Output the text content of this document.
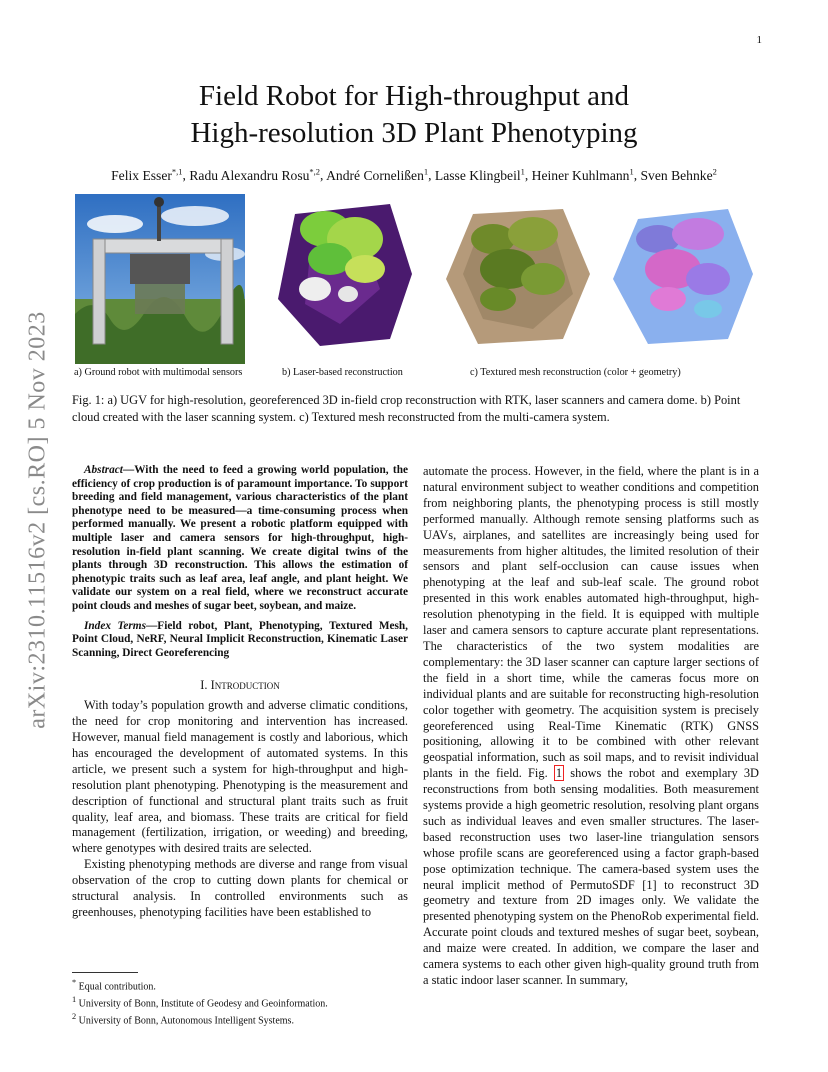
1
Field Robot for High-throughput and
High-resolution 3D Plant Phenotyping
Felix Esser$^{*,1}$, Radu Alexandru Rosu$^{*,2}$, André Cornelißen$^1$, Lasse Klingbeil$^1$, Heiner Kuhlmann$^1$, Sven Behnke$^2$
arXiv:2310.11516v2 [cs.RO] 5 Nov 2023 a) Ground robot with multimodal sensors	b) Laser-based reconstruction	c) Textured mesh reconstruction (color + geometry)
Fig. 1: a) UGV for high-resolution, georeferenced 3D in-field crop reconstruction with RTK, laser scanners and camera dome. b) Point cloud created with the laser scanning system. c) Textured mesh reconstructed from the multi-camera system.

Abstract—With the need to feed a growing world population, the efficiency of crop production is of paramount importance. To support breeding and field management, various characteristics of the plant phenotype need to be measured—a time-consuming process when performed manually. We present a robotic platform equipped with multiple laser and camera sensors for high-throughput, high-resolution in-field plant scanning. We create digital twins of the plants through 3D reconstruction. This allows the estimation of phenotypic traits such as leaf area, leaf angle, and plant height. We validate our system on a real field, where we reconstruct accurate point clouds and meshes of sugar beet, soybean, and maize.

Index Terms—Field robot, Plant, Phenotyping, Textured Mesh, Point Cloud, NeRF, Neural Implicit Reconstruction, Kinematic Laser Scanning, Direct Georeferencing

I. Introduction

With today’s population growth and adverse climatic conditions, the need for crop monitoring and intervention has increased. However, manual field management is costly and laborious, which has encouraged the development of automated systems. In this article, we present such a system for high-throughput and high-resolution plant phenotyping. Phenotyping is the measurement and description of functional and structural plant traits such as fruit quality, leaf area, and biomass. These traits are critical for field management (fertilization, irrigation, or weeding) and breeding, where genotypes with desired traits are selected.

Existing phenotyping methods are diverse and range from visual observation of the crop to cutting down plants for chemical or structural analysis. In controlled environments such as greenhouses, phenotyping facilities have been established to

automate the process. However, in the field, where the plant is in a natural environment subject to weather conditions and competition from neighboring plants, the phenotyping process is still mostly performed manually. Although remote sensing platforms such as UAVs, airplanes, and satellites are increasingly being used for measurements from higher altitudes, the limited resolution of their sensors and plant self-occlusion can cause issues when phenotyping at the leaf and sub-leaf scale. The ground robot presented in this work enables automated high-throughput, high-resolution phenotyping in the field. It is equipped with multiple laser and camera sensors to capture accurate plant representations. The characteristics of the two system modalities are complementary: the 3D laser scanner can capture larger sections of the field in a short time, while the cameras focus more on individual plants and are suitable for reconstructing high-resolution color together with geometry. The acquisition system is precisely georeferenced using Real-Time Kinematic (RTK) GNSS positioning, allowing it to be combined with other relevant geospatial information, such as soil maps, and to revisit individual plants in the field. Fig. 1 shows the robot and exemplary 3D reconstructions from both sensing modalities. Both measurement systems provide a high geometric resolution, resolving plant organs such as individual leaves and even smaller structures. The laser-based reconstruction uses two laser-line triangulation sensors whose profile scans are georeferenced using a factor graph-based pose optimization technique. The camera-based system uses the neural implicit method of PermutoSDF [1] to reconstruct 3D geometry and texture from 2D images only. We validate the presented phenotyping system on the PhenoRob experimental field. Accurate point clouds and textured meshes of sugar beet, soybean, and maize were created. In addition, we compare the laser and camera systems to each other given high-quality ground truth from a static indoor laser scanner. In summary,

* Equal contribution.
$^1$ University of Bonn, Institute of Geodesy and Geoinformation.
$^2$ University of Bonn, Autonomous Intelligent Systems.
